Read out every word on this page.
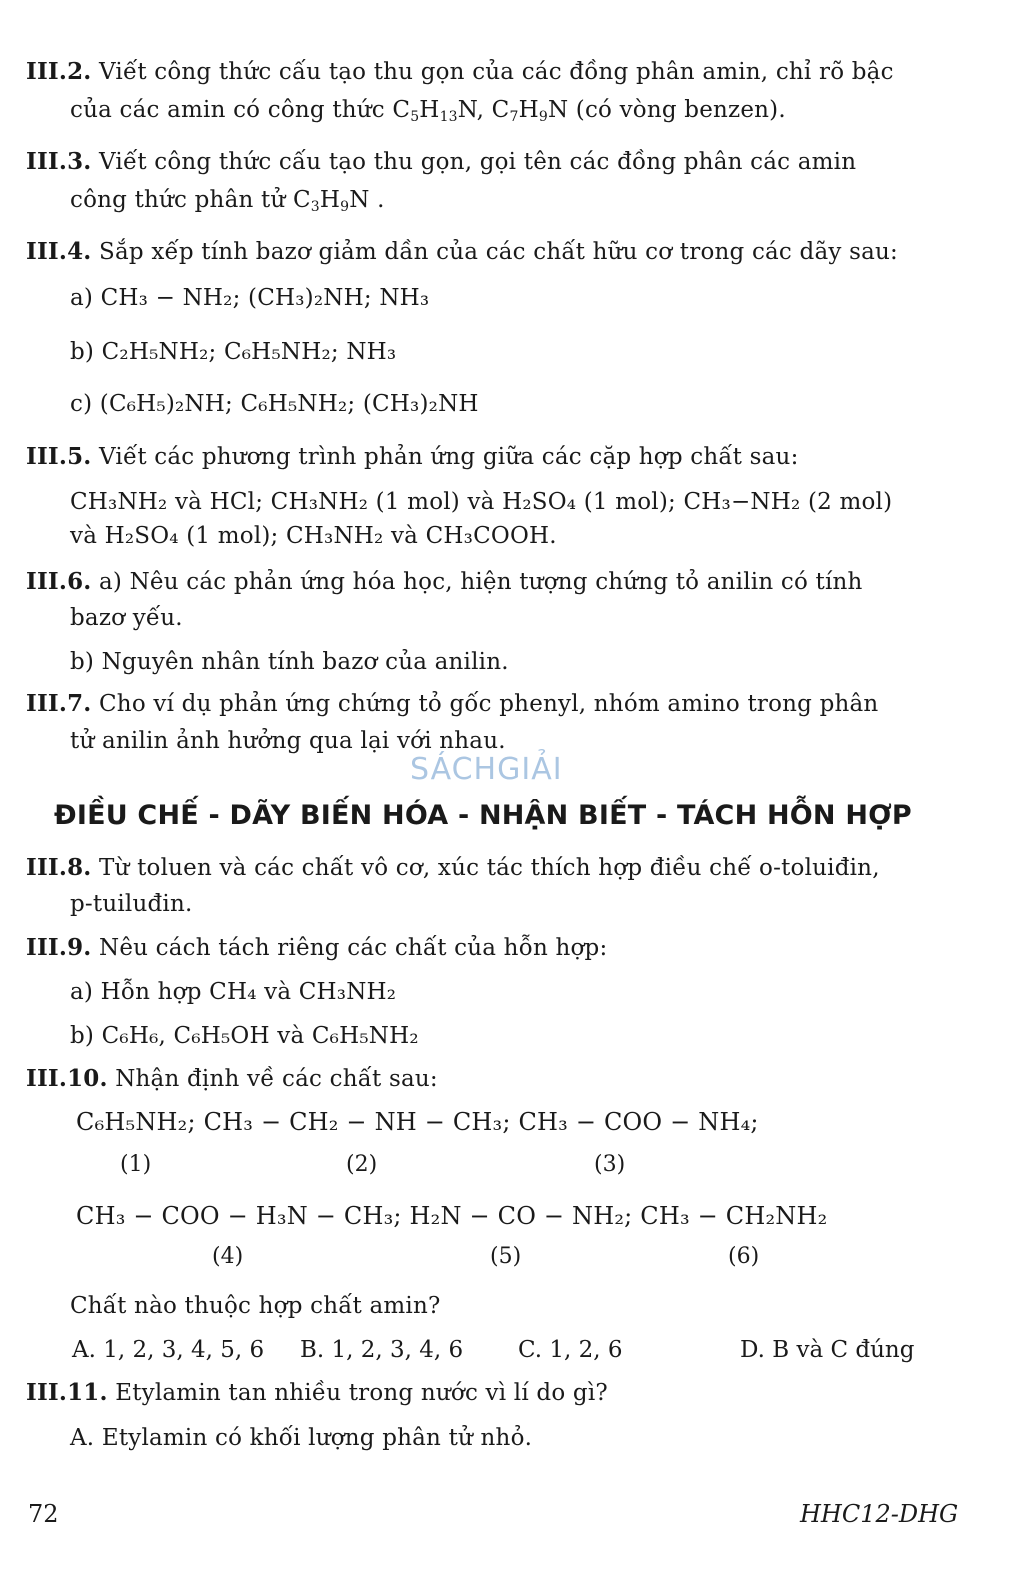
III.2. Viết công thức cấu tạo thu gọn của các đồng phân amin, chỉ rõ bậc
của các amin có công thức $C_5H_{13}N$, $C_7H_9N$ (có vòng benzen).
III.3. Viết công thức cấu tạo thu gọn, gọi tên các đồng phân các amin
công thức phân tử $C_3H_9N$ .
III.4. Sắp xếp tính bazơ giảm dần của các chất hữu cơ trong các dãy sau:
a) CH₃ − NH₂; (CH₃)₂NH; NH₃
b) C₂H₅NH₂; C₆H₅NH₂; NH₃
c) (C₆H₅)₂NH; C₆H₅NH₂; (CH₃)₂NH
III.5. Viết các phương trình phản ứng giữa các cặp hợp chất sau:
CH₃NH₂ và HCl; CH₃NH₂ (1 mol) và H₂SO₄ (1 mol); CH₃−NH₂ (2 mol)
và H₂SO₄ (1 mol); CH₃NH₂ và CH₃COOH.
III.6. a) Nêu các phản ứng hóa học, hiện tượng chứng tỏ anilin có tính
bazơ yếu.
b) Nguyên nhân tính bazơ của anilin.
III.7. Cho ví dụ phản ứng chứng tỏ gốc phenyl, nhóm amino trong phân
tử anilin ảnh hưởng qua lại với nhau.
SÁCHGIẢI
ĐIỀU CHẾ - DÃY BIẾN HÓA - NHẬN BIẾT - TÁCH HỖN HỢP
III.8. Từ toluen và các chất vô cơ, xúc tác thích hợp điều chế o-toluiđin,
p-tuiluđin.
III.9. Nêu cách tách riêng các chất của hỗn hợp:
a) Hỗn hợp CH₄ và CH₃NH₂
b) C₆H₆, C₆H₅OH và C₆H₅NH₂
III.10. Nhận định về các chất sau:
C₆H₅NH₂; CH₃ − CH₂ − NH − CH₃; CH₃ − COO − NH₄;
(1)	(2)	(3)
CH₃ − COO − H₃N − CH₃; H₂N − CO − NH₂; CH₃ − CH₂NH₂
(4)	(5)	(6)
Chất nào thuộc hợp chất amin?
A. 1, 2, 3, 4, 5, 6 B. 1, 2, 3, 4, 6 C. 1, 2, 6	D. B và C đúng
III.11. Etylamin tan nhiều trong nước vì lí do gì?
A. Etylamin có khối lượng phân tử nhỏ.
72	HHC12-DHG
